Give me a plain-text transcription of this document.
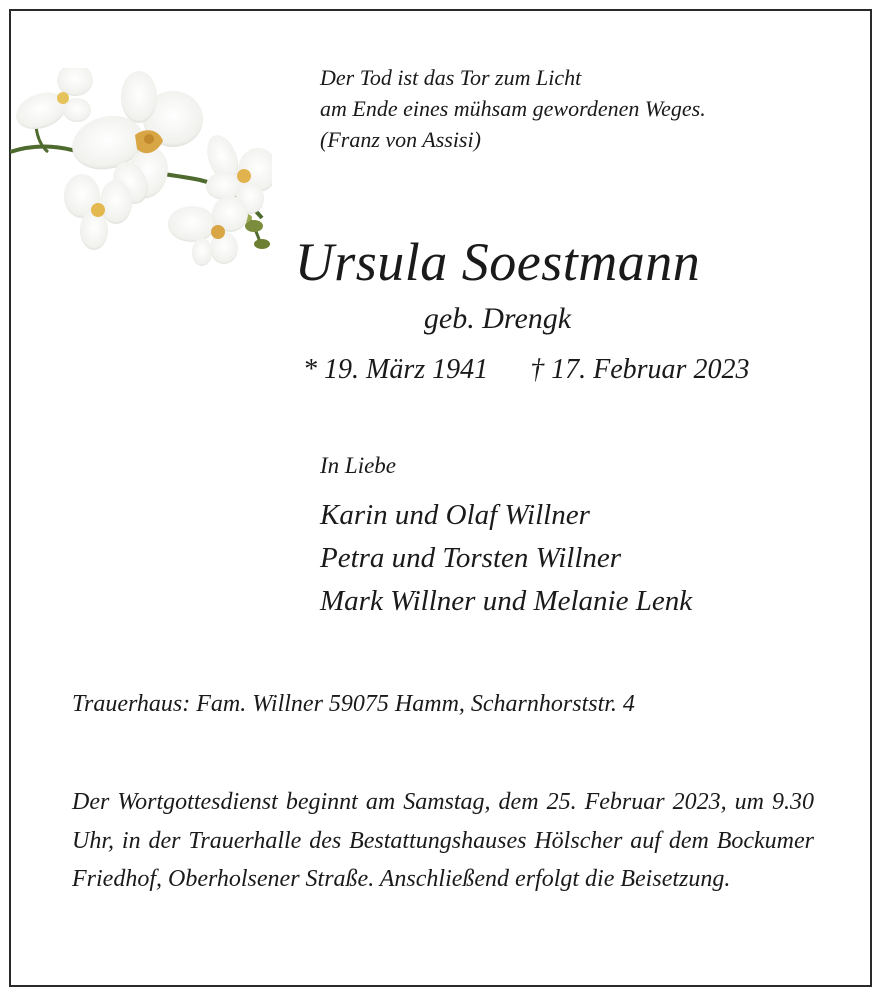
Der Tod ist das Tor zum Licht
am Ende eines mühsam gewordenen Weges.
(Franz von Assisi)
Ursula Soestmann
geb. Drengk
* 19. März 1941 † 17. Februar 2023
In Liebe
Karin und Olaf Willner
Petra und Torsten Willner
Mark Willner und Melanie Lenk
Trauerhaus: Fam. Willner 59075 Hamm, Scharnhorststr. 4
Der Wortgottesdienst beginnt am Samstag, dem 25. Februar 2023, um 9.30 Uhr, in der Trauerhalle des Bestattungshauses Hölscher auf dem Bockumer Friedhof, Oberholsener Straße. Anschließend erfolgt die Beisetzung.
